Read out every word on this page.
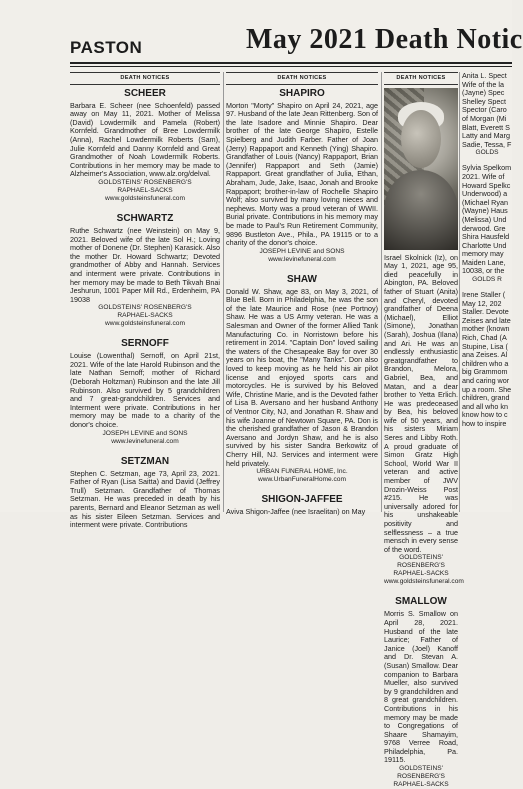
PASTON	May 2021 Death Notic
DEATH NOTICES
SCHEER
Barbara E. Scheer (nee Schoenfeld) passed away on May 11, 2021. Mother of Melissa (David) Lowdermilk and Pamela (Robert) Kornfeld. Grandmother of Bree Lowdermilk (Anna), Rachel Lowdermilk Roberts (Sam), Julie Kornfeld and Danny Kornfeld and Great Grandmother of Noah Lowdermilk Roberts. Contributions in her memory may be made to Alzheimer's Association, www.alz.org/delval.
GOLDSTEINS' ROSENBERG'S
RAPHAEL-SACKS
www.goldsteinsfuneral.com
SCHWARTZ
Ruthe Schwartz (nee Weinstein) on May 9, 2021. Beloved wife of the late Sol H.; Loving mother of Donene (Dr. Stephen) Karasick. Also the mother Dr. Howard Schwartz; Devoted grandmother of Abby and Hannah. Services and interment were private. Contributions in her memory may be made to Beth Tikvah Bnai Jeshurun, 1001 Paper Mill Rd., Erdenheim, PA 19038
GOLDSTEINS' ROSENBERG'S
RAPHAEL-SACKS
www.goldsteinsfuneral.com
SERNOFF
Louise (Lowenthal) Sernoff, on April 21st, 2021. Wife of the late Harold Rubinson and the late Nathan Sernoff; mother of Richard (Deborah Holtzman) Rubinson and the late Jill Rubinson. Also survived by 5 grandchildren and 7 great-grandchildren. Services and Interment were private. Contributions in her memory may be made to a charity of the donor's choice.
JOSEPH LEVINE and SONS
www.levinefuneral.com
SETZMAN
Stephen C. Setzman, age 73, April 23, 2021. Father of Ryan (Lisa Saitta) and David (Jeffrey Trull) Setzman. Grandfather of Thomas Setzman. He was preceded in death by his parents, Bernard and Eleanor Setzman as well as his sister Eileen Setzman. Services and interment were private. Contributions
DEATH NOTICES
SHAPIRO
Morton "Morty" Shapiro on April 24, 2021, age 97. Husband of the late Jean Rittenberg. Son of the late Isadore and Minnie Shapiro. Dear brother of the late George Shapiro, Estelle Spielberg and Judith Farber. Father of Joan (Jerry) Rappaport and Kenneth (Ying) Shapiro. Grandfather of Louis (Nancy) Rappaport, Brian (Jennifer) Rappaport and Seth (Jamie) Rappaport. Great grandfather of Julia, Ethan, Abraham, Jude, Jake, Isaac, Jonah and Brooke Rappaport; brother-in-law of Rochelle Shapiro Wolf; also survived by many loving nieces and nephews. Morty was a proud veteran of WWII. Burial private. Contributions in his memory may be made to Paul's Run Retirement Community, 9896 Bustleton Ave., Phila., PA 19115 or to a charity of the donor's choice.
JOSEPH LEVINE and SONS
www.levinefuneral.com
SHAW
Donald W. Shaw, age 83, on May 3, 2021, of Blue Bell. Born in Philadelphia, he was the son of the late Maurice and Rose (nee Portnoy) Shaw. He was a US Army veteran. He was a Salesman and Owner of the former Allied Tank Manufacturing Co. in Norristown before his retirement in 2014. "Captain Don" loved sailing the waters of the Chesapeake Bay for over 30 years on his boat, the "Many Tanks". Don also loved to keep moving as he held his air pilot license and enjoyed sports cars and motorcycles. He is survived by his Beloved Wife, Christine Marie, and is the Devoted father of Lisa B. Aversano and her husband Anthony of Ventnor City, NJ, and Jonathan R. Shaw and his wife Joanne of Newtown Square, PA. Don is the cherished grandfather of Jason & Brandon Aversano and Jordyn Shaw, and he is also survived by his sister Sandra Berkowitz of Cherry Hill, NJ. Services and interment were held privately.
URBAN FUNERAL HOME, Inc.
www.UrbanFuneralHome.com
SHIGON-JAFFEE
Aviva Shigon-Jaffee (nee Israelitan) on May
DEATH NOTICES
Israel Skolnick (Iz), on May 1, 2021, age 95, died peacefully in Abington, PA. Beloved father of Stuart (Anita) and Cheryl, devoted grandfather of Deena (Michael), Elliot (Simone), Jonathan (Sarah), Joshua (Ilana) and Ari. He was an endlessly enthusiastic greatgrandfather to Brandon, Melora, Gabriel, Bea, and Matan, and a dear brother to Yetta Erlich. He was predeceased by Bea, his beloved wife of 50 years, and his sisters Miriam Seres and Libby Roth. A proud graduate of Simon Gratz High School, World War II veteran and active member of JWV Drozin-Weiss Post #215. He was universally adored for his unshakeable positivity and selflessness – a true mensch in every sense of the word.
GOLDSTEINS' ROSENBERG'S
RAPHAEL-SACKS
www.goldsteinsfuneral.com
SMALLOW
Morris S. Smallow on April 28, 2021. Husband of the late Laurice; Father of Janice (Joel) Kanoff and Dr. Stevan A. (Susan) Smallow. Dear companion to Barbara Mueller, also survived by 9 grandchildren and 8 great grandchildren. Contributions in his memory may be made to Congregations of Shaare Shamayim, 9768 Verree Road, Philadelphia, Pa. 19115.
GOLDSTEINS' ROSENBERG'S
RAPHAEL-SACKS
Anita L. Spect Wife of the la (Jayne) Spec Shelley Spect Spector (Caro of Morgan (Mi Blatt, Everett S Latty and Marg Sadie, Tessa, F
GOLDS
Sylvia Spelkom 2021. Wife of Howard Spelkc Underwood) a (Michael Ryan (Wayne) Haus (Melissa) Und derwood. Gre Shira Hausfeld Charlotte Und memory may Maiden Lane, 10038, or the
GOLDS R
Irene Staller ( May 12, 202 Staller. Devote Zeises and late mother (known Rich, Chad (A Stupine, Lisa ( ana Zeises. Al children who a big Grammom and caring wor up a room. She children, grand and all who kn know how to c how to inspire
